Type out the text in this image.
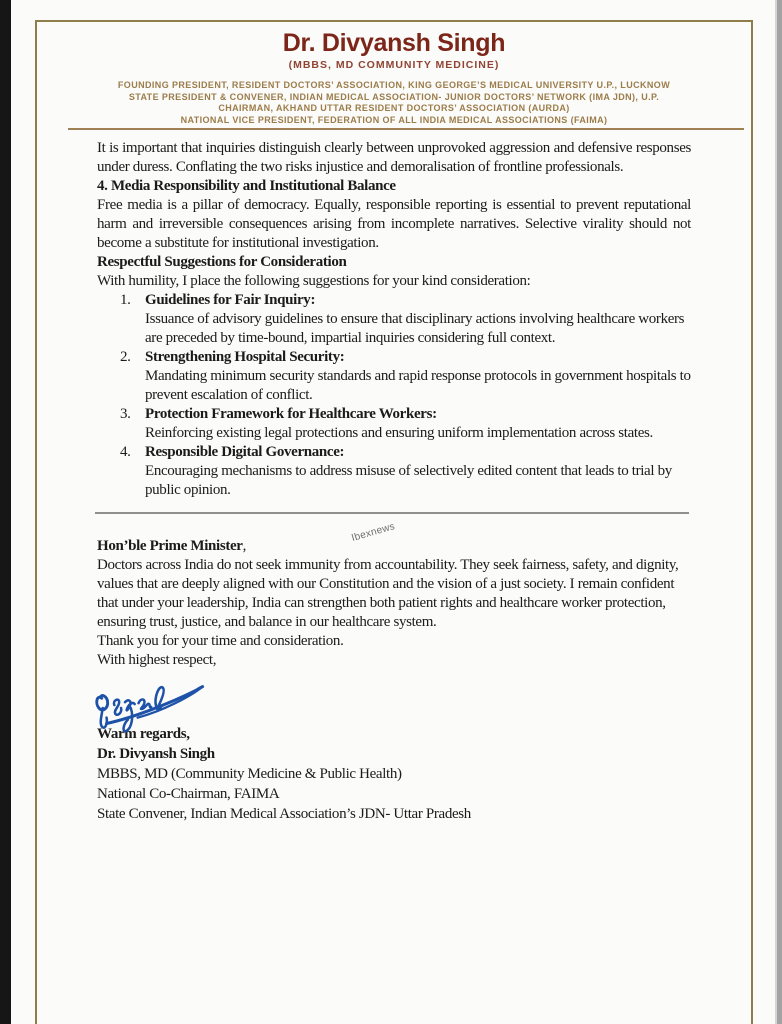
Dr. Divyansh Singh
(MBBS, MD COMMUNITY MEDICINE)
FOUNDING PRESIDENT, RESIDENT DOCTORS’ ASSOCIATION, KING GEORGE’S MEDICAL UNIVERSITY U.P., LUCKNOW
STATE PRESIDENT & CONVENER, INDIAN MEDICAL ASSOCIATION- JUNIOR DOCTORS’ NETWORK (IMA JDN), U.P.
CHAIRMAN, AKHAND UTTAR RESIDENT DOCTORS’ ASSOCIATION (AURDA)
NATIONAL VICE PRESIDENT, FEDERATION OF ALL INDIA MEDICAL ASSOCIATIONS (FAIMA)

It is important that inquiries distinguish clearly between unprovoked aggression and defensive responses under duress. Conflating the two risks injustice and demoralisation of frontline professionals.

4. Media Responsibility and Institutional Balance

Free media is a pillar of democracy. Equally, responsible reporting is essential to prevent reputational harm and irreversible consequences arising from incomplete narratives. Selective virality should not become a substitute for institutional investigation.

Respectful Suggestions for Consideration

With humility, I place the following suggestions for your kind consideration:

1. Guidelines for Fair Inquiry:
Issuance of advisory guidelines to ensure that disciplinary actions involving healthcare workers are preceded by time-bound, impartial inquiries considering full context.
2. Strengthening Hospital Security:
Mandating minimum security standards and rapid response protocols in government hospitals to prevent escalation of conflict.
3. Protection Framework for Healthcare Workers:
Reinforcing existing legal protections and ensuring uniform implementation across states.
4. Responsible Digital Governance:
Encouraging mechanisms to address misuse of selectively edited content that leads to trial by public opinion.

Hon’ble Prime Minister,

Doctors across India do not seek immunity from accountability. They seek fairness, safety, and dignity, values that are deeply aligned with our Constitution and the vision of a just society. I remain confident that under your leadership, India can strengthen both patient rights and healthcare worker protection, ensuring trust, justice, and balance in our healthcare system.

Thank you for your time and consideration.

With highest respect,

Warm regards,
Dr. Divyansh Singh
MBBS, MD (Community Medicine & Public Health)
National Co-Chairman, FAIMA
State Convener, Indian Medical Association’s JDN- Uttar Pradesh
Ibexnews
